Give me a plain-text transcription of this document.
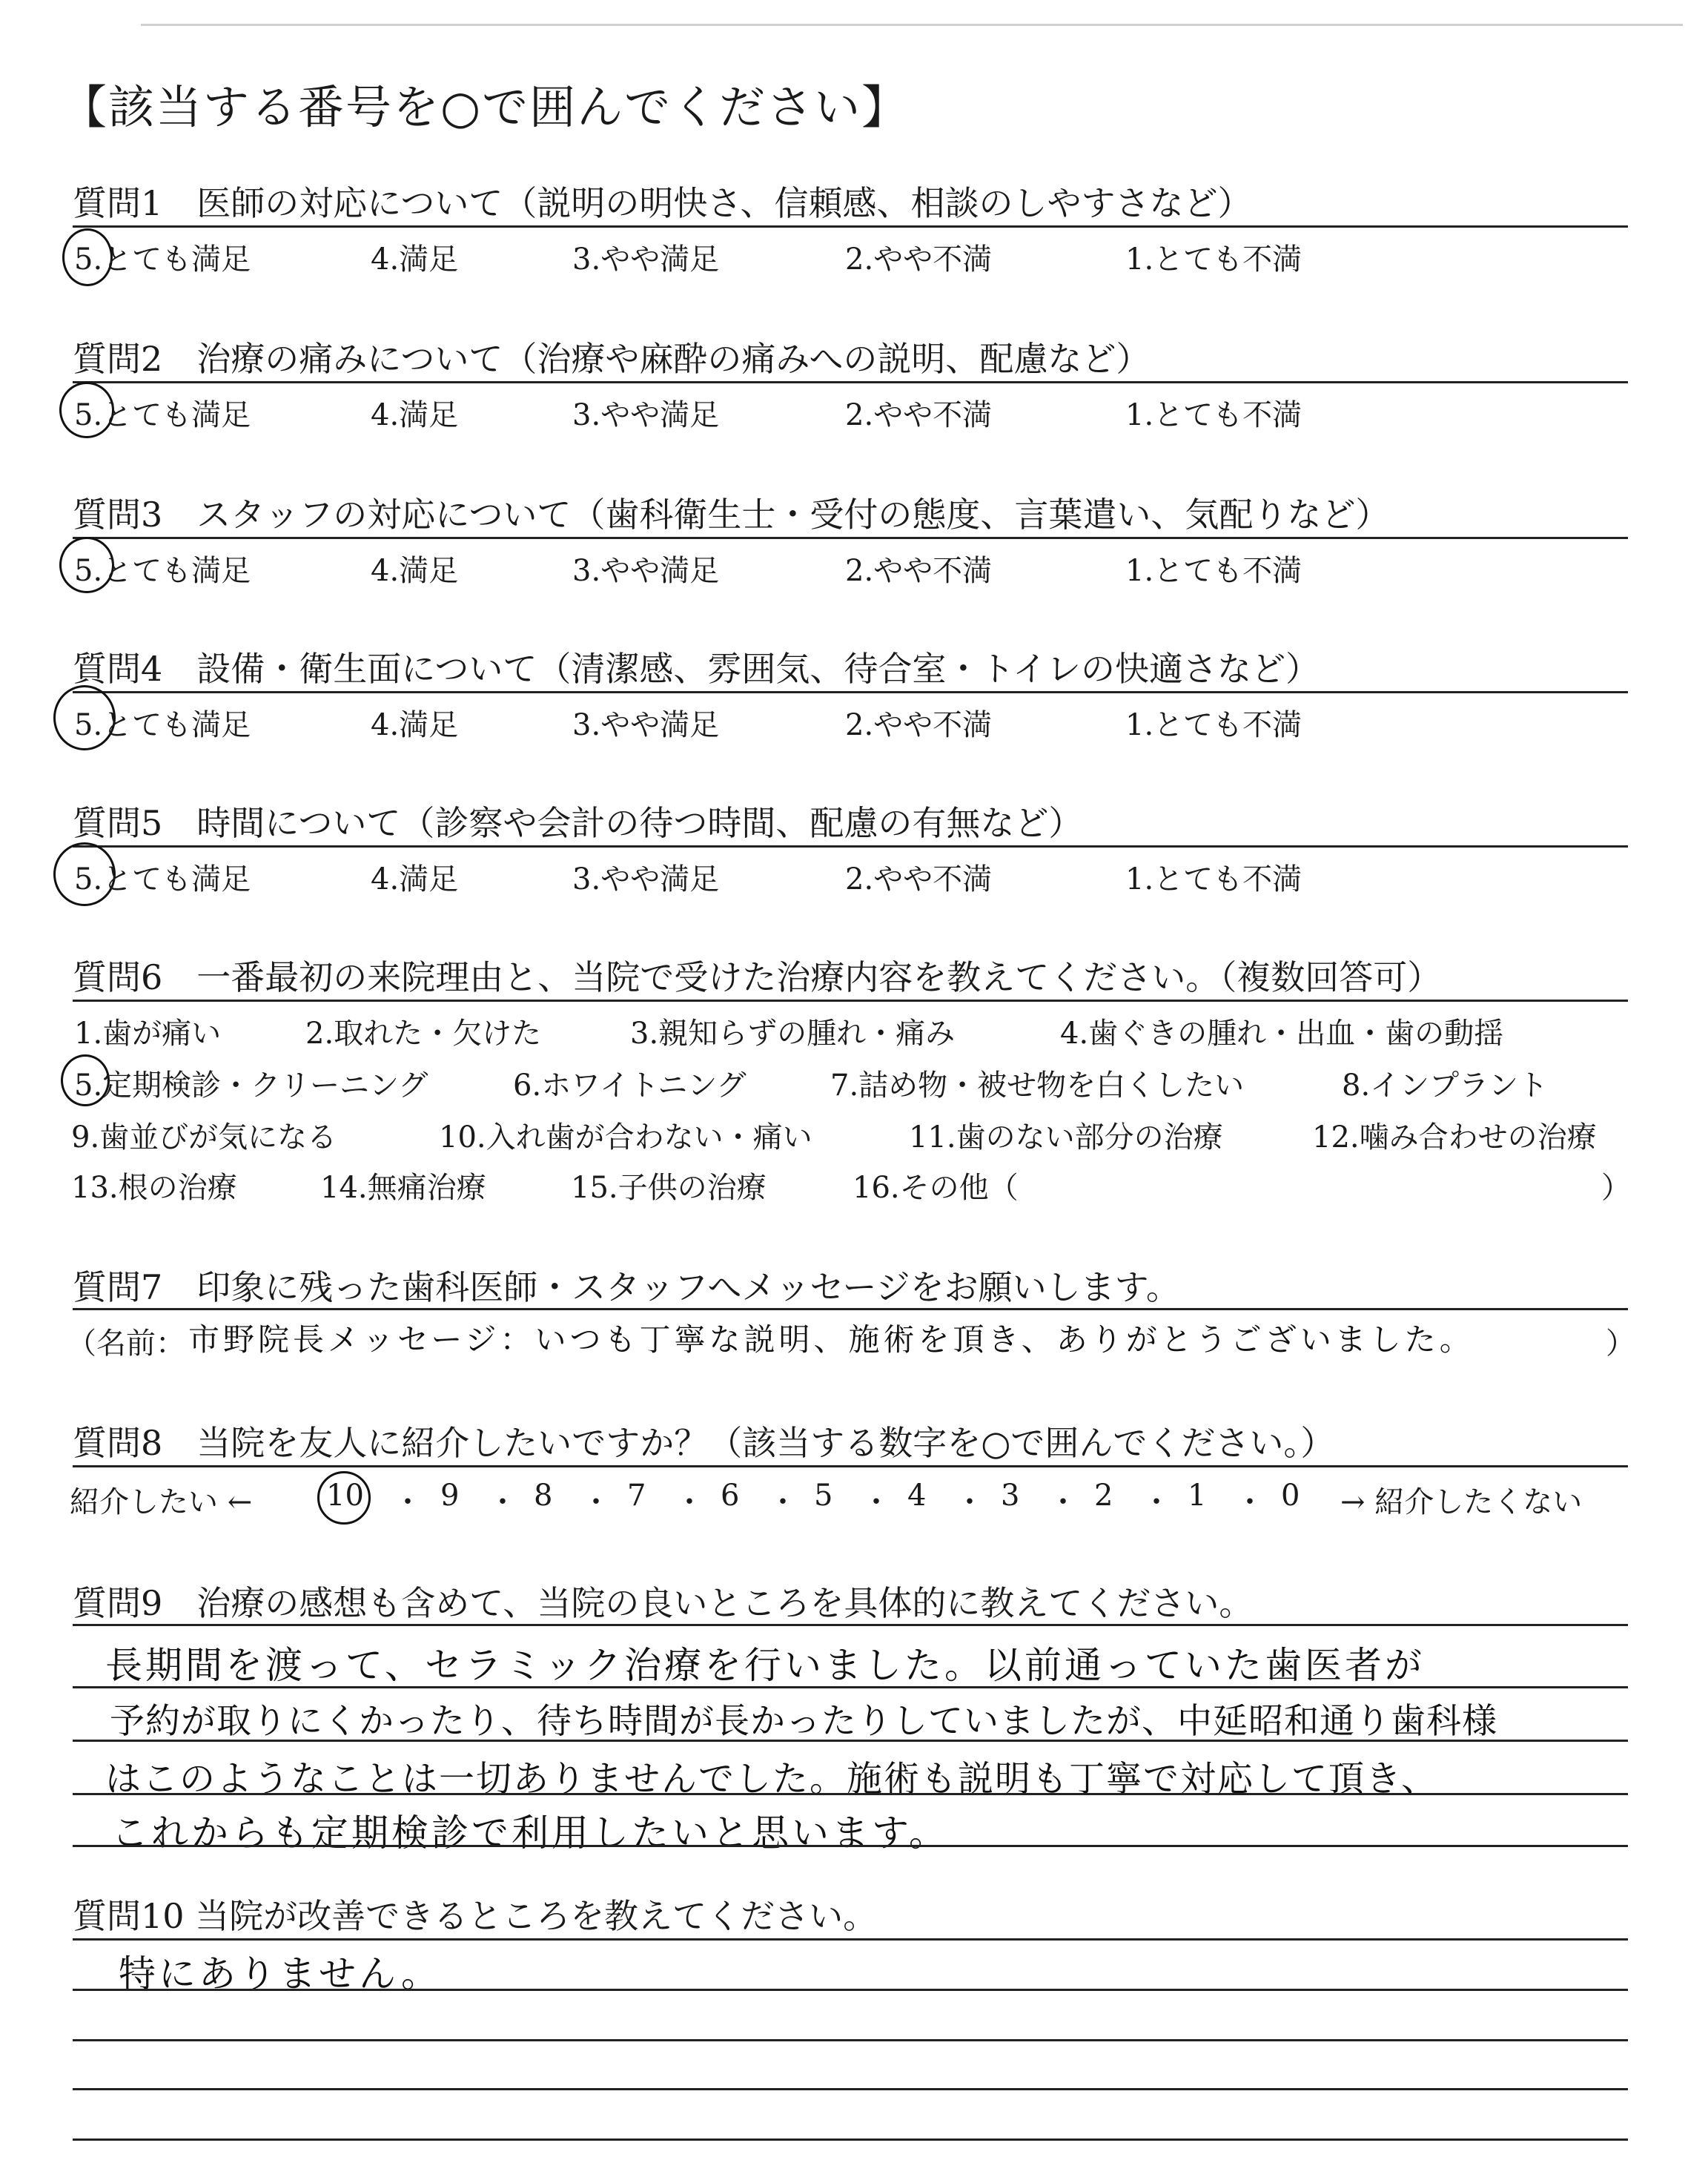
【該当する番号を○で囲んでください】
質問1　医師の対応について（説明の明快さ、信頼感、相談のしやすさなど）
5.とても満足	4.満足	3.やや満足	2.やや不満	1.とても不満
質問2　治療の痛みについて（治療や麻酔の痛みへの説明、配慮など）
5.とても満足	4.満足	3.やや満足	2.やや不満	1.とても不満
質問3　スタッフの対応について（歯科衛生士・受付の態度、言葉遣い、気配りなど）
5.とても満足	4.満足	3.やや満足	2.やや不満	1.とても不満
質問4　設備・衛生面について（清潔感、雰囲気、待合室・トイレの快適さなど）
5.とても満足	4.満足	3.やや満足	2.やや不満	1.とても不満
質問5　時間について（診察や会計の待つ時間、配慮の有無など）
5.とても満足	4.満足	3.やや満足	2.やや不満	1.とても不満
質問6　一番最初の来院理由と、当院で受けた治療内容を教えてください。（複数回答可）
1.歯が痛い	2.取れた・欠けた	3.親知らずの腫れ・痛み	4.歯ぐきの腫れ・出血・歯の動揺
5.定期検診・クリーニング	6.ホワイトニング	7.詰め物・被せ物を白くしたい	8.インプラント
9.歯並びが気になる	10.入れ歯が合わない・痛い	11.歯のない部分の治療	12.噛み合わせの治療
13.根の治療	14.無痛治療	15.子供の治療	16.その他（	）
質問7　印象に残った歯科医師・スタッフへメッセージをお願いします。
（名前： 市野院長メッセージ：いつも丁寧な説明、施術を頂き、ありがとうございました。	）
質問8　当院を友人に紹介したいですか？（該当する数字を○で囲んでください。）
紹介したい ← 10 ・ 9 ・ 8 ・ 7 ・ 6 ・ 5 ・ 4 ・ 3 ・ 2 ・ 1 ・ 0 → 紹介したくない
質問9　治療の感想も含めて、当院の良いところを具体的に教えてください。
長期間を渡って、セラミック治療を行いました。以前通っていた歯医者が
予約が取りにくかったり、待ち時間が長かったりしていましたが、中延昭和通り歯科様
はこのようなことは一切ありませんでした。施術も説明も丁寧で対応して頂き、
これからも定期検診で利用したいと思います。
質問10 当院が改善できるところを教えてください。
特にありません。
